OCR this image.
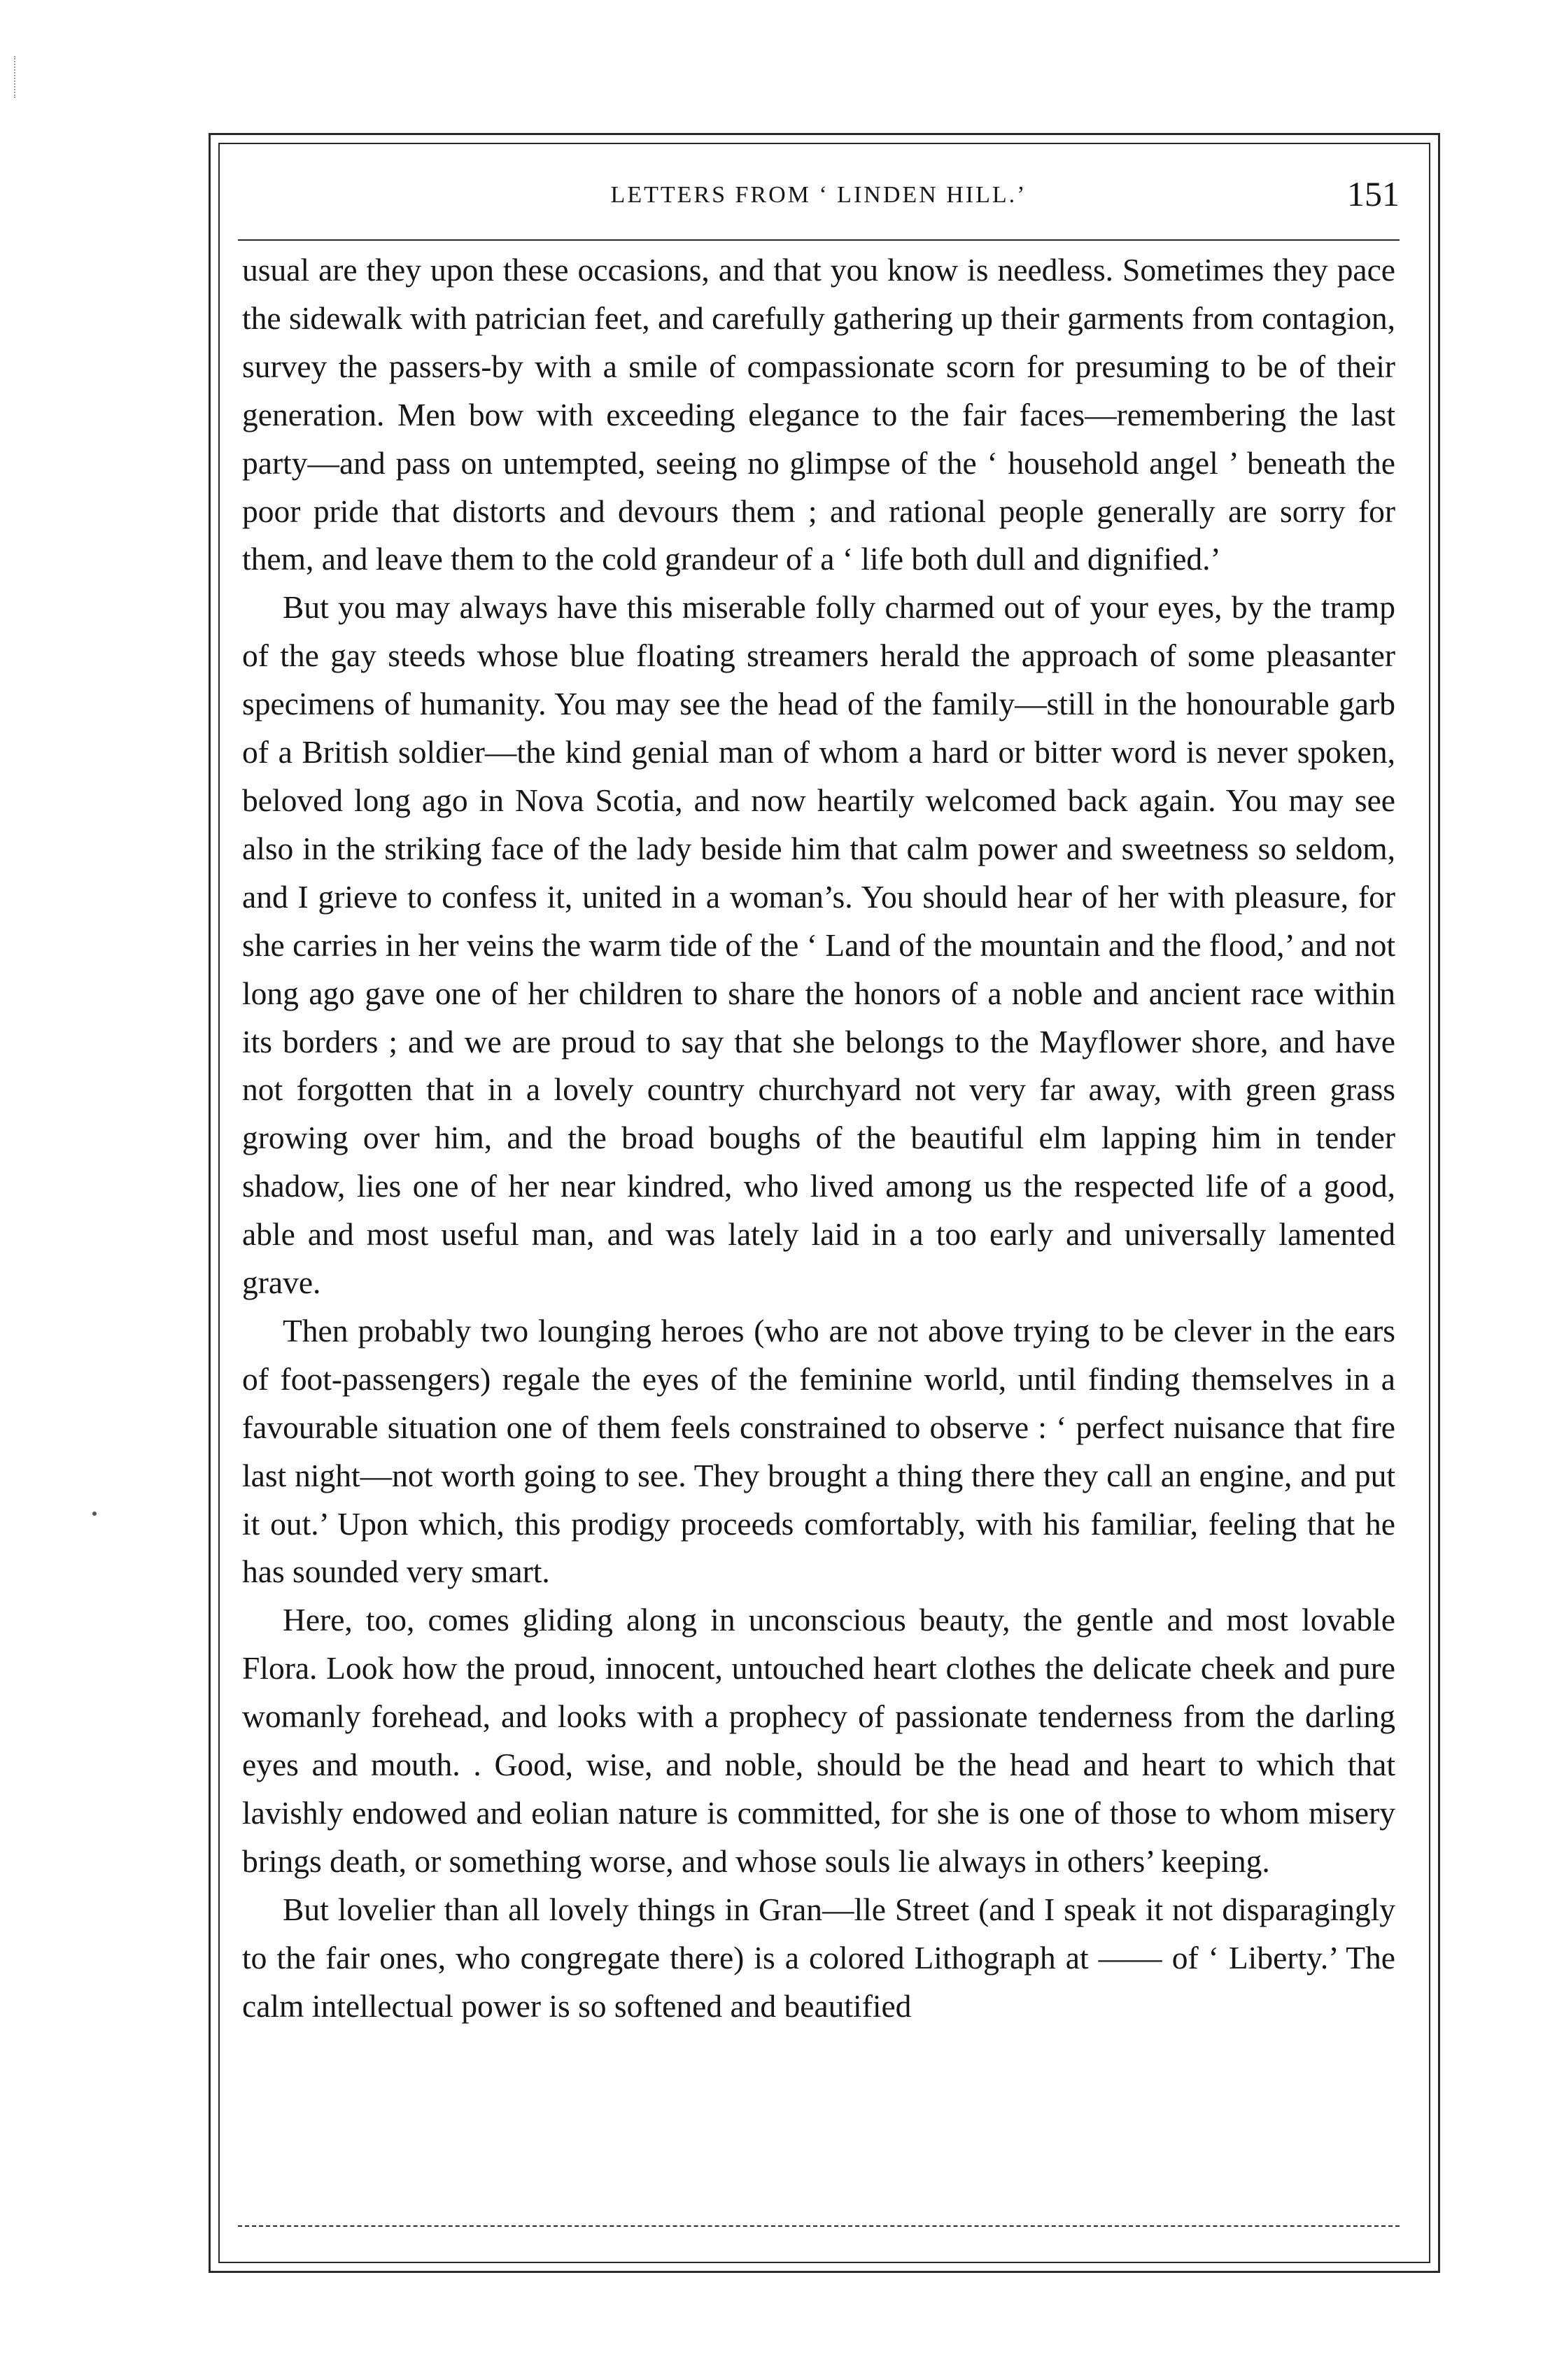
LETTERS FROM ‘ LINDEN HILL.’	151

usual are they upon these occasions, and that you know is needless. Sometimes they pace the sidewalk with patrician feet, and carefully gathering up their garments from contagion, survey the passers-by with a smile of compassionate scorn for presuming to be of their generation. Men bow with exceeding elegance to the fair faces—remembering the last party—and pass on untempted, seeing no glimpse of the ‘ household angel ’ beneath the poor pride that distorts and devours them ; and rational people generally are sorry for them, and leave them to the cold grandeur of a ‘ life both dull and dignified.’

But you may always have this miserable folly charmed out of your eyes, by the tramp of the gay steeds whose blue floating streamers herald the approach of some pleasanter specimens of humanity. You may see the head of the family—still in the honourable garb of a British soldier—the kind genial man of whom a hard or bitter word is never spoken, beloved long ago in Nova Scotia, and now heartily welcomed back again. You may see also in the striking face of the lady beside him that calm power and sweetness so seldom, and I grieve to confess it, united in a woman’s. You should hear of her with pleasure, for she carries in her veins the warm tide of the ‘ Land of the mountain and the flood,’ and not long ago gave one of her children to share the honors of a noble and ancient race within its borders ; and we are proud to say that she belongs to the Mayflower shore, and have not forgotten that in a lovely country churchyard not very far away, with green grass growing over him, and the broad boughs of the beautiful elm lapping him in tender shadow, lies one of her near kindred, who lived among us the respected life of a good, able and most useful man, and was lately laid in a too early and universally lamented grave.

Then probably two lounging heroes (who are not above trying to be clever in the ears of foot-passengers) regale the eyes of the feminine world, until finding themselves in a favourable situation one of them feels constrained to observe : ‘ perfect nuisance that fire last night—not worth going to see. They brought a thing there they call an engine, and put it out.’ Upon which, this prodigy proceeds comfortably, with his familiar, feeling that he has sounded very smart.

Here, too, comes gliding along in unconscious beauty, the gentle and most lovable Flora. Look how the proud, innocent, untouched heart clothes the delicate cheek and pure womanly forehead, and looks with a prophecy of passionate tenderness from the darling eyes and mouth. . Good, wise, and noble, should be the head and heart to which that lavishly endowed and eolian nature is committed, for she is one of those to whom misery brings death, or something worse, and whose souls lie always in others’ keeping.

But lovelier than all lovely things in Gran—lle Street (and I speak it not disparagingly to the fair ones, who congregate there) is a colored Lithograph at —— of ‘ Liberty.’ The calm intellectual power is so softened and beautified
